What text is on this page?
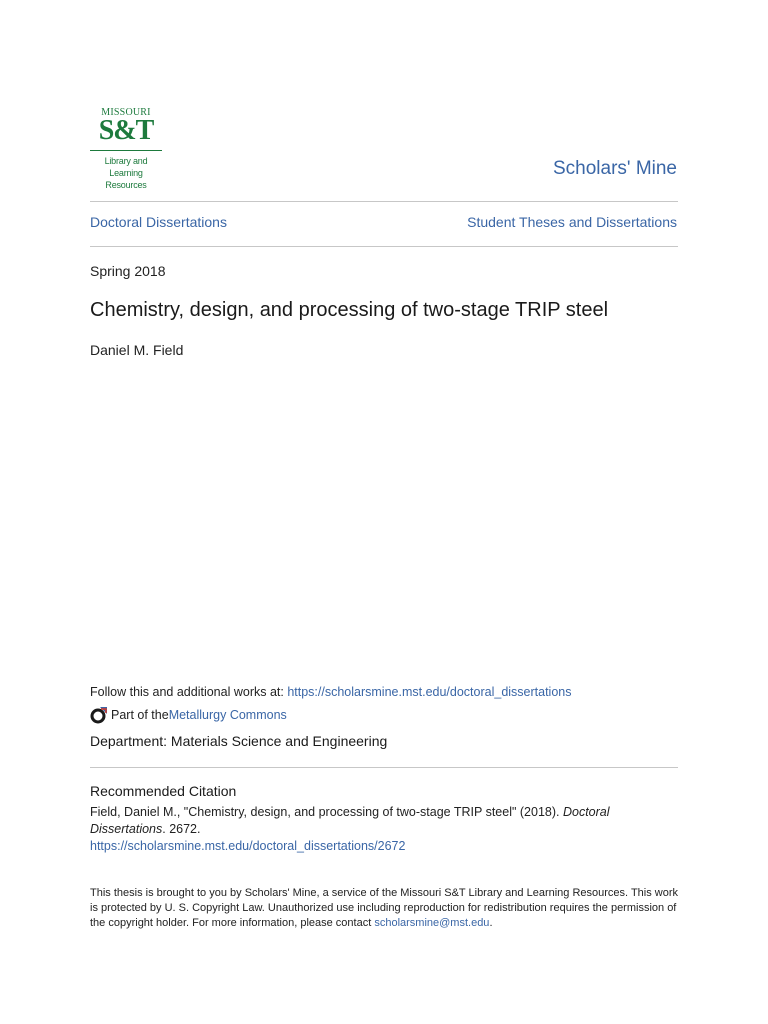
MISSOURI
S&T
Library and
Learning Resources
Scholars' Mine
Doctoral Dissertations	Student Theses and Dissertations
Spring 2018
Chemistry, design, and processing of two-stage TRIP steel
Daniel M. Field
Follow this and additional works at: https://scholarsmine.mst.edu/doctoral_dissertations
Part of the Metallurgy Commons
Department: Materials Science and Engineering
Recommended Citation
Field, Daniel M., "Chemistry, design, and processing of two-stage TRIP steel" (2018). Doctoral Dissertations. 2672.
https://scholarsmine.mst.edu/doctoral_dissertations/2672
This thesis is brought to you by Scholars' Mine, a service of the Missouri S&T Library and Learning Resources. This work is protected by U. S. Copyright Law. Unauthorized use including reproduction for redistribution requires the permission of the copyright holder. For more information, please contact scholarsmine@mst.edu.
